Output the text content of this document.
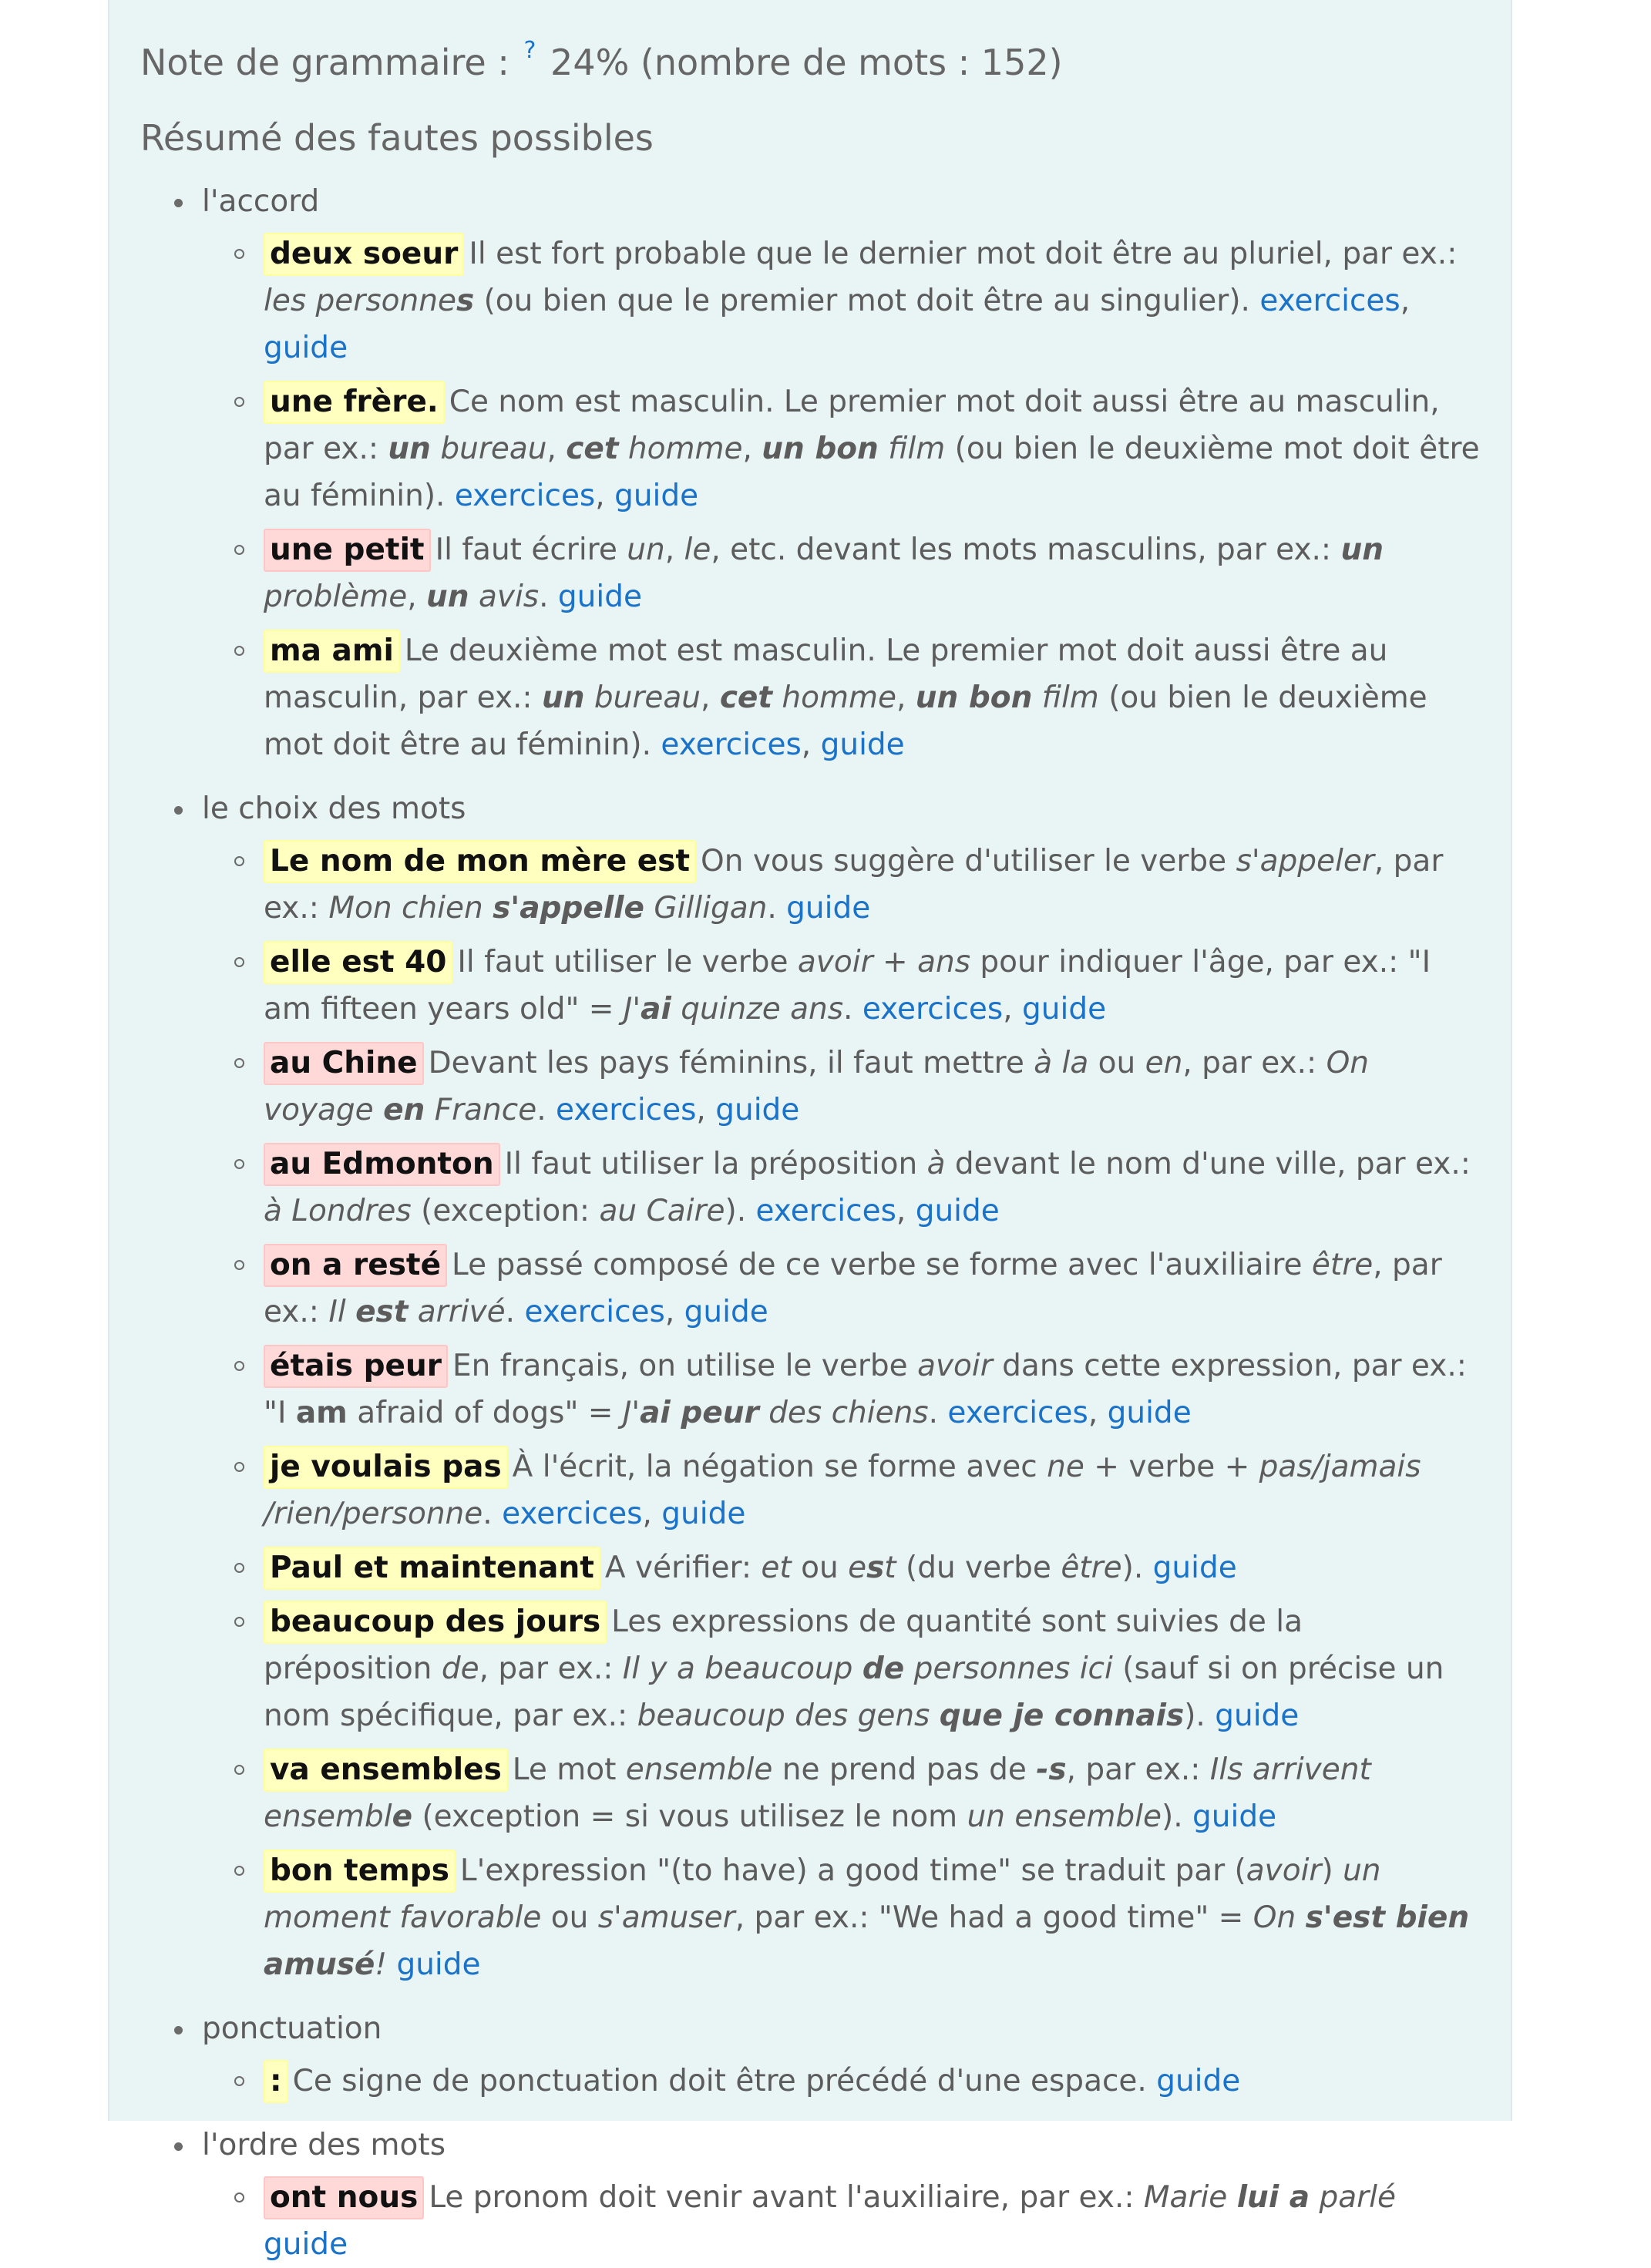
Note de grammaire : ? 24% (nombre de mots : 152)
Résumé des fautes possibles
l'accord
deux soeur Il est fort probable que le dernier mot doit être au pluriel, par ex.: les personnes (ou bien que le premier mot doit être au singulier). exercices, guide
une frère. Ce nom est masculin. Le premier mot doit aussi être au masculin, par ex.: un bureau, cet homme, un bon film (ou bien le deuxième mot doit être au féminin). exercices, guide
une petit Il faut écrire un, le, etc. devant les mots masculins, par ex.: un problème, un avis. guide
ma ami Le deuxième mot est masculin. Le premier mot doit aussi être au masculin, par ex.: un bureau, cet homme, un bon film (ou bien le deuxième mot doit être au féminin). exercices, guide
le choix des mots
Le nom de mon mère est On vous suggère d'utiliser le verbe s'appeler, par ex.: Mon chien s'appelle Gilligan. guide
elle est 40 Il faut utiliser le verbe avoir + ans pour indiquer l'âge, par ex.: "I am fifteen years old" = J'ai quinze ans. exercices, guide
au Chine Devant les pays féminins, il faut mettre à la ou en, par ex.: On voyage en France. exercices, guide
au Edmonton Il faut utiliser la préposition à devant le nom d'une ville, par ex.: à Londres (exception: au Caire). exercices, guide
on a resté Le passé composé de ce verbe se forme avec l'auxiliaire être, par ex.: Il est arrivé. exercices, guide
étais peur En français, on utilise le verbe avoir dans cette expression, par ex.: "I am afraid of dogs" = J'ai peur des chiens. exercices, guide
je voulais pas À l'écrit, la négation se forme avec ne + verbe + pas/jamais /rien/personne. exercices, guide
Paul et maintenant A vérifier: et ou est (du verbe être). guide
beaucoup des jours Les expressions de quantité sont suivies de la préposition de, par ex.: Il y a beaucoup de personnes ici (sauf si on précise un nom spécifique, par ex.: beaucoup des gens que je connais). guide
va ensembles Le mot ensemble ne prend pas de -s, par ex.: Ils arrivent ensemble (exception = si vous utilisez le nom un ensemble). guide
bon temps L'expression "(to have) a good time" se traduit par (avoir) un moment favorable ou s'amuser, par ex.: "We had a good time" = On s'est bien amusé! guide
ponctuation
: Ce signe de ponctuation doit être précédé d'une espace. guide
l'ordre des mots
ont nous Le pronom doit venir avant l'auxiliaire, par ex.: Marie lui a parlé guide
